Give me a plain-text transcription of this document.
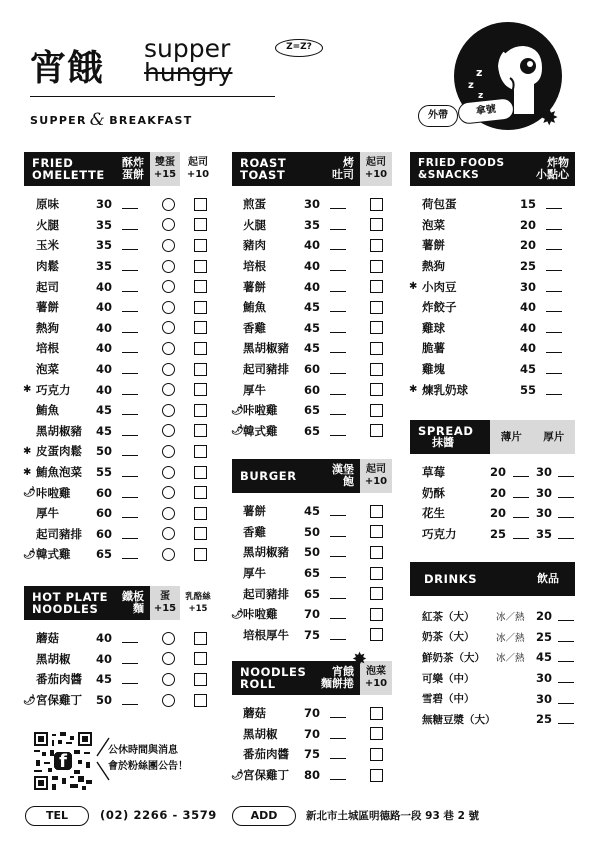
宵餓 supper
hungry
Z=Z?
SUPPER & BREAKFAST
z
z
z
外帶	拿號	✸
FRIED
OMELETTE
酥炸
蛋餅
雙蛋
+15
起司
+10
原味	30
火腿	35
玉米	35
肉鬆	35
起司	40
薯餅	40
熱狗	40
培根	40
泡菜	40
✱ 巧克力 40
鮪魚	45
黑胡椒豬 45
✱ 皮蛋肉鬆 50
✱ 鮪魚泡菜 55
🌶 咔啦雞 60
厚牛	60
起司豬排 60
🌶 韓式雞 65
HOT PLATE
NOODLES
鐵板
麵
蛋
+15
乳酪絲
+15
蘑菇	40
黑胡椒 40
番茄肉醬 45
🌶 宮保雞丁 50
ROAST
TOAST
烤
吐司
起司
+10
煎蛋	30
火腿	35
豬肉	40
培根	40
薯餅	40
鮪魚	45
香雞	45
黑胡椒豬 45
起司豬排 60
厚牛	60
🌶 咔啦雞 65
🌶 韓式雞 65
BURGER	漢堡
飽
起司
+10
薯餅	45
香雞	50
黑胡椒豬 50
厚牛	65
起司豬排 65
🌶 咔啦雞 70
培根厚牛 75
NOODLES
ROLL
宵餓
麵餅捲
泡菜
+10
✸
蘑菇	70
黑胡椒 70
番茄肉醬 75
🌶 宮保雞丁 80
FRIED FOODS
&SNACKS
炸物
小點心
荷包蛋	15
泡菜	20
薯餅	20
熱狗	25
✱ 小肉豆	30
炸餃子	40
雞球	40
脆薯	40
雞塊	45
✱ 煉乳奶球	55
SPREAD
抹醬	薄片 厚片
草莓	20	30
奶酥	20	30
花生	20	30
巧克力	25	35
DRINKS	飲品
紅茶（大） 冰／熱 20
奶茶（大） 冰／熱 25
鮮奶茶（大） 冰／熱 45
可樂（中）	30
雪碧（中）	30
無糖豆漿（大）	25
f
公休時間與消息
會於粉絲團公告！
TEL	(02) 2266 - 3579	ADD	新北市土城區明德路一段 93 巷 2 號
